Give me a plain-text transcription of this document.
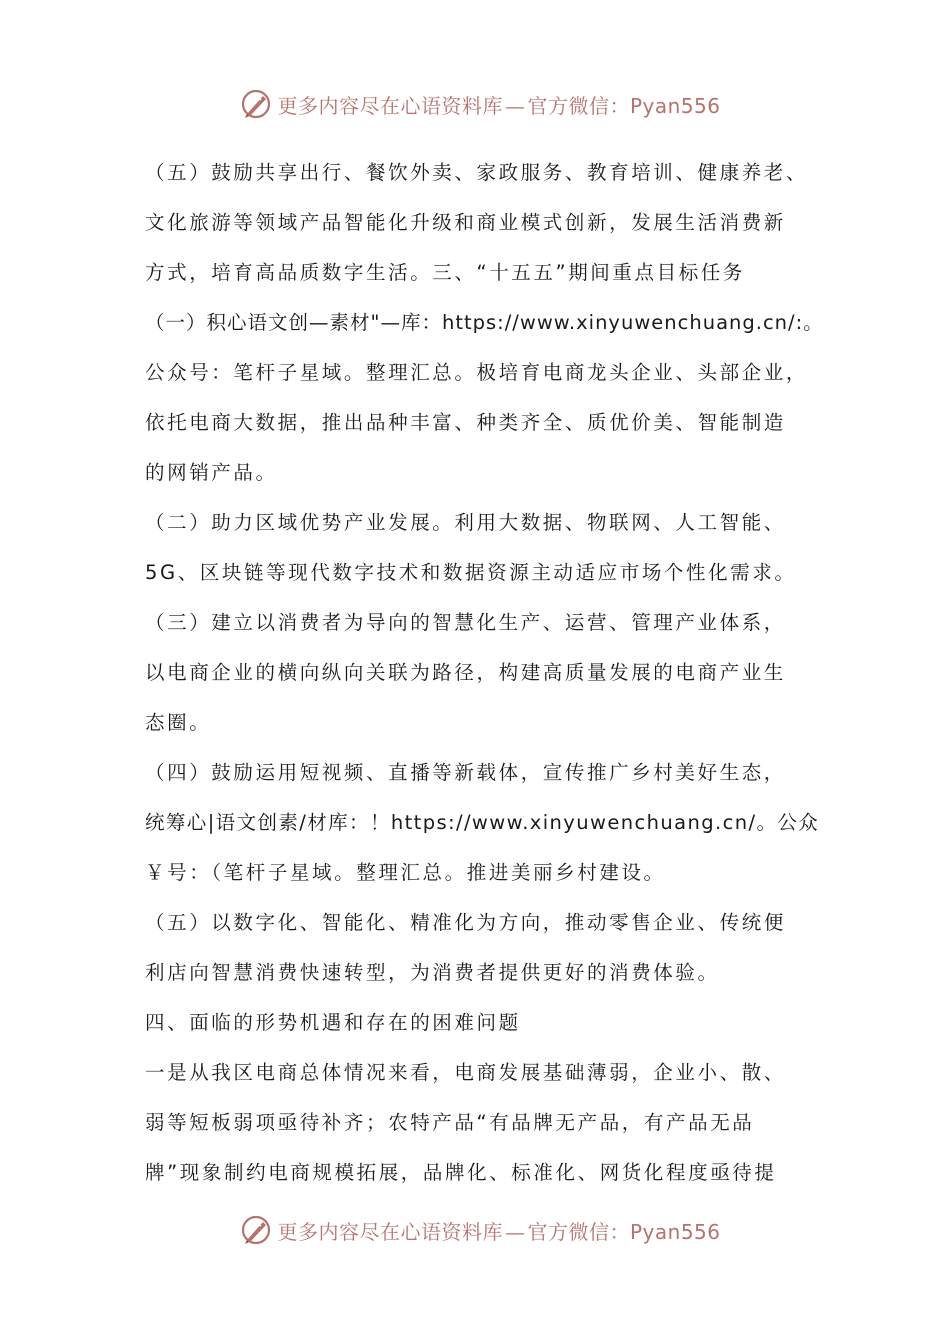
更多内容尽在心语资料库 — 官方微信：Pyan556
（五）鼓励共享出行、餐饮外卖、家政服务、教育培训、健康养老、
文化旅游等领域产品智能化升级和商业模式创新，发展生活消费新
方式，培育高品质数字生活。三、“十五五”期间重点目标任务
（一）积心语文创—素材"—库：https://www.xinyuwenchuang.cn/:。
公众号：笔杆子星域。整理汇总。极培育电商龙头企业、头部企业，
依托电商大数据，推出品种丰富、种类齐全、质优价美、智能制造
的网销产品。
（二）助力区域优势产业发展。利用大数据、物联网、人工智能、
5G、区块链等现代数字技术和数据资源主动适应市场个性化需求。
（三）建立以消费者为导向的智慧化生产、运营、管理产业体系，
以电商企业的横向纵向关联为路径，构建高质量发展的电商产业生
态圈。
（四）鼓励运用短视频、直播等新载体，宣传推广乡村美好生态，
统筹心|语文创素/材库：！https://www.xinyuwenchuang.cn/。公众
￥号：（笔杆子星域。整理汇总。推进美丽乡村建设。
（五）以数字化、智能化、精准化为方向，推动零售企业、传统便
利店向智慧消费快速转型，为消费者提供更好的消费体验。
四、面临的形势机遇和存在的困难问题
一是从我区电商总体情况来看，电商发展基础薄弱，企业小、散、
弱等短板弱项亟待补齐；农特产品“有品牌无产品，有产品无品
牌”现象制约电商规模拓展，品牌化、标准化、网货化程度亟待提
更多内容尽在心语资料库 — 官方微信：Pyan556
